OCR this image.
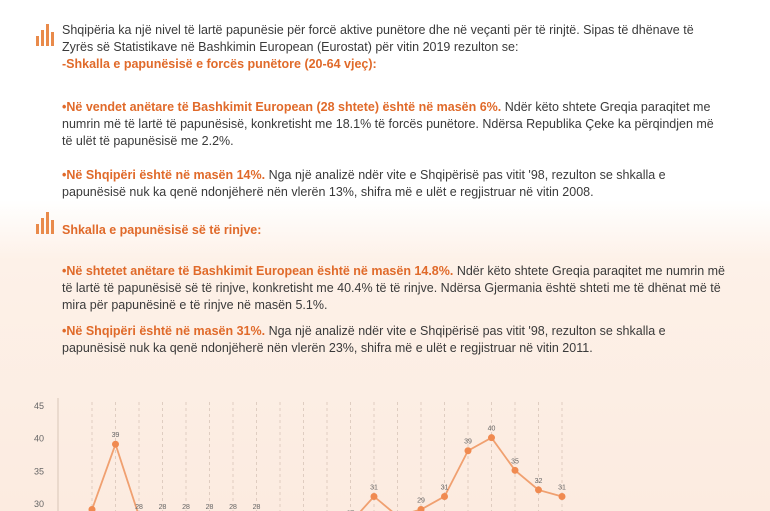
Shqipëria ka një nivel të lartë papunësie për forcë aktive punëtore dhe në veçanti për të rinjtë. Sipas të dhënave të Zyrës së Statistikave në Bashkimin European (Eurostat) për vitin 2019 rezulton se:
-Shkalla e papunësisë e forcës punëtore (20-64 vjeç):
•Në vendet anëtare të Bashkimit European (28 shtete) është në masën 6%. Ndër këto shtete Greqia paraqitet me numrin më të lartë të papunësisë, konkretisht me 18.1% të forcës punëtore. Ndërsa Republika Çeke ka përqindjen më të ulët të papunësisë me 2.2%.
•Në Shqipëri është në masën 14%. Nga një analizë ndër vite e Shqipërisë pas vitit '98, rezulton se shkalla e papunësisë nuk ka qenë ndonjëherë nën vlerën 13%, shifra më e ulët e regjistruar në vitin 2008.
Shkalla e papunësisë së të rinjve:
•Në shtetet anëtare të Bashkimit European është në masën 14.8%. Ndër këto shtete Greqia paraqitet me numrin më të lartë të papunësisë së të rinjve, konkretisht me 40.4% të të rinjve. Ndërsa Gjermania është shteti me të dhënat më të mira për papunësinë e të rinjve në masën 5.1%.
•Në Shqipëri është në masën 31%. Nga një analizë ndër vite e Shqipërisë pas vitit '98, rezulton se shkalla e papunësisë nuk ka qenë ndonjëherë nën vlerën 23%, shifra më e ulët e regjistruar në vitin 2011.
30
35
40
45
39
28 28 28 28 28 28
31
29
31
39
40
35
32
31
